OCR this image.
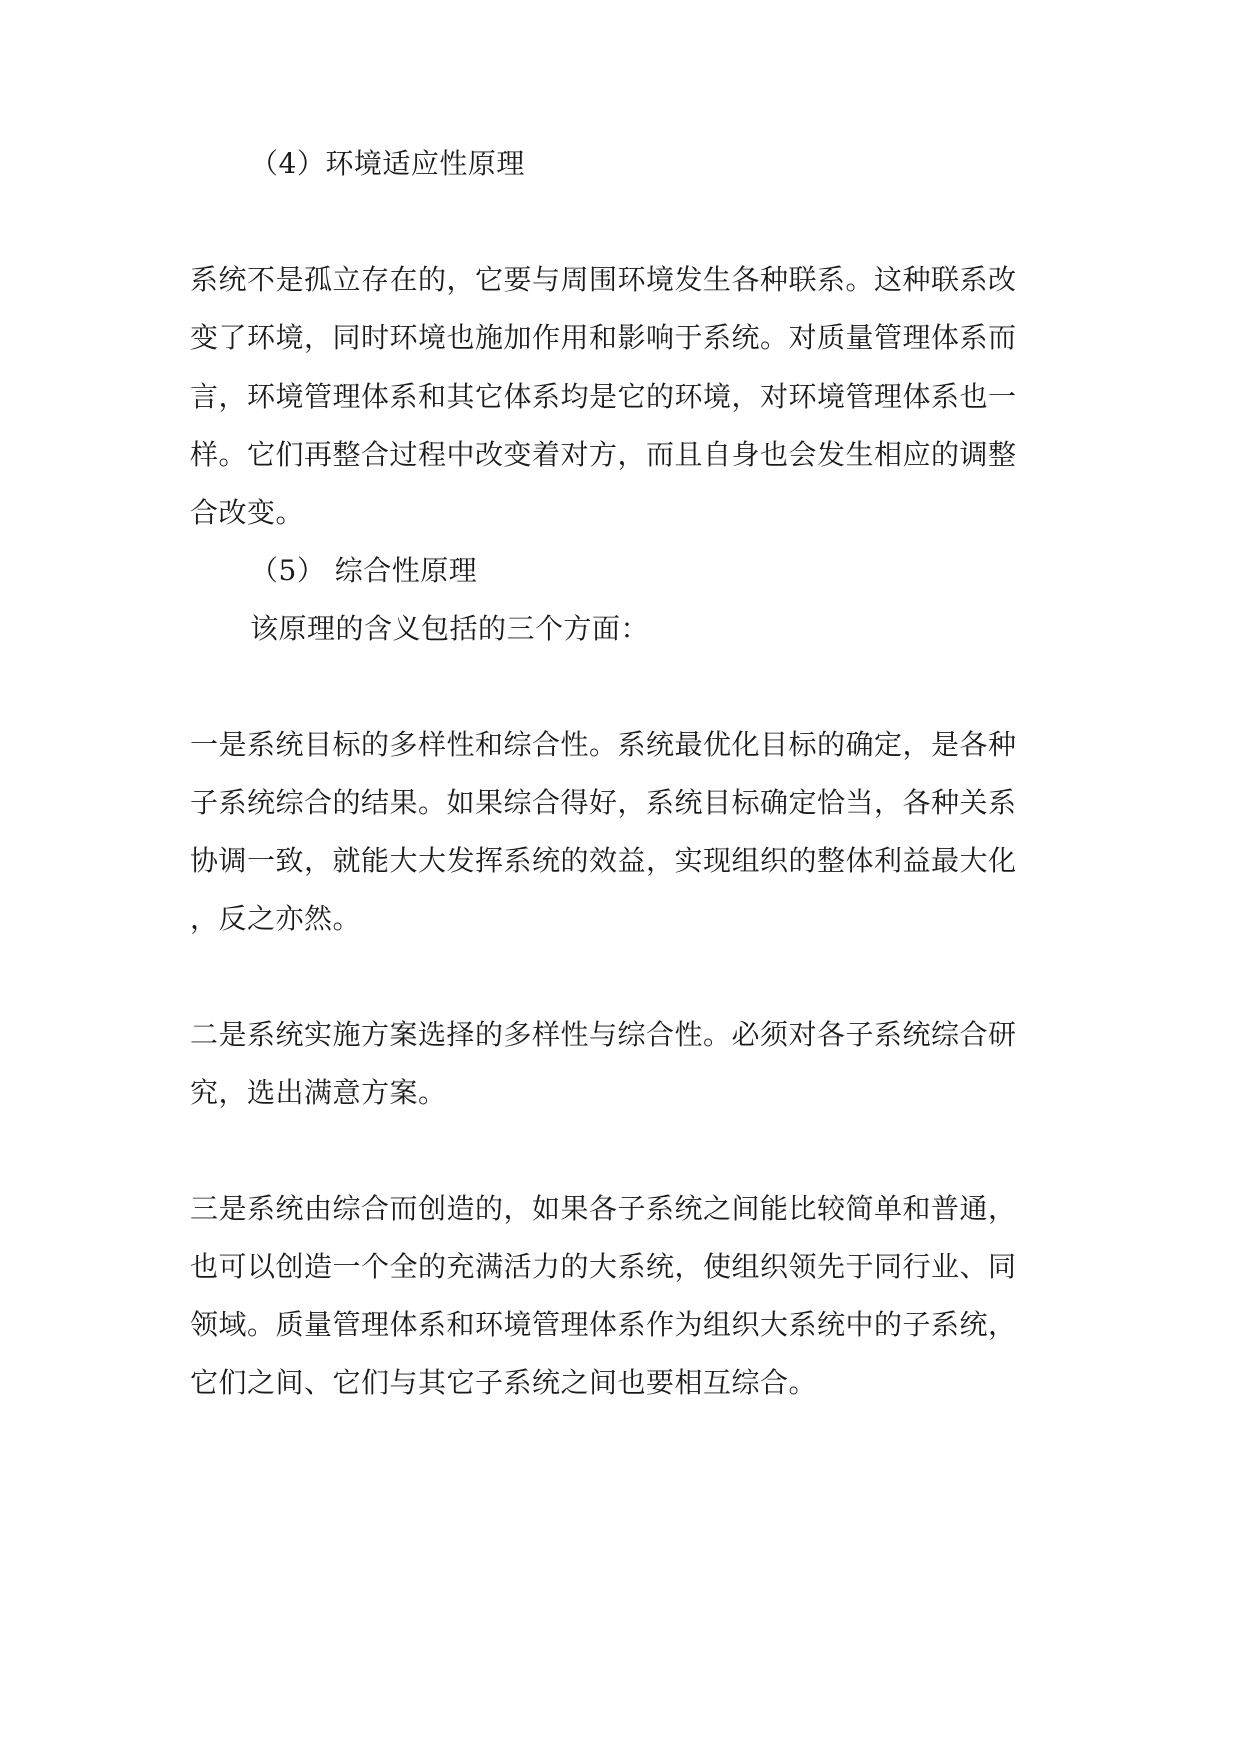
（4）环境适应性原理

系统不是孤立存在的，它要与周围环境发生各种联系。这种联系改

变了环境，同时环境也施加作用和影响于系统。对质量管理体系而

言，环境管理体系和其它体系均是它的环境，对环境管理体系也一

样。它们再整合过程中改变着对方，而且自身也会发生相应的调整

合改变。

（5） 综合性原理

该原理的含义包括的三个方面：

一是系统目标的多样性和综合性。系统最优化目标的确定，是各种

子系统综合的结果。如果综合得好，系统目标确定恰当，各种关系

协调一致，就能大大发挥系统的效益，实现组织的整体利益最大化

，反之亦然。

二是系统实施方案选择的多样性与综合性。必须对各子系统综合研

究，选出满意方案。

三是系统由综合而创造的，如果各子系统之间能比较简单和普通，

也可以创造一个全的充满活力的大系统，使组织领先于同行业、同

领域。质量管理体系和环境管理体系作为组织大系统中的子系统，

它们之间、它们与其它子系统之间也要相互综合。
